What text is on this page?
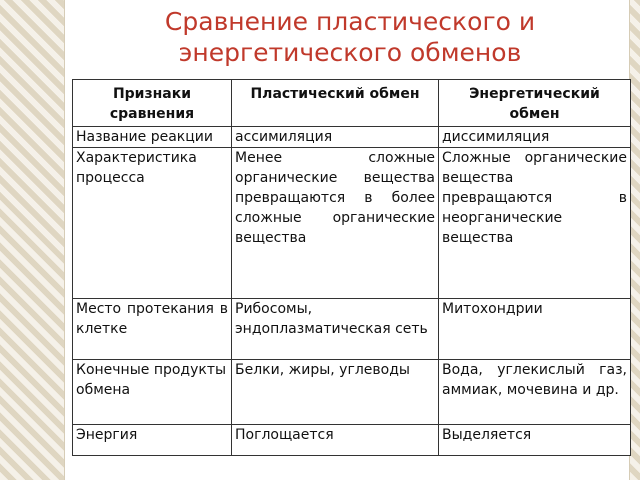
Сравнение пластического и энергетического обменов
Признаки сравнения	Пластический обмен	Энергетический обмен
Название реакции	ассимиляция	диссимиляция
Характеристика процесса	Менее сложные органические вещества превращаются в более сложные органические вещества	Сложные органические вещества превращаются в неорганические вещества
Место протекания в клетке	Рибосомы, эндоплазматическая сеть	Митохондрии
Конечные продукты обмена	Белки, жиры, углеводы	Вода, углекислый газ, аммиак, мочевина и др.
Энергия	Поглощается	Выделяется
